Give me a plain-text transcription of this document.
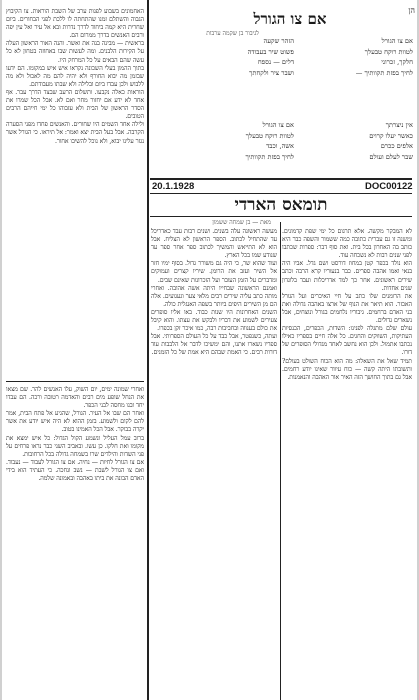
הן
אם צו הגורל
לגיבור בן שקמה ערבות
אם צו הגורל
לטוות רוקח טבעלך
חלקך, זכרוני
לחיך בפזת תקוותיך —
הזהר שקעה
פשוט שיר בעבודה
דלים — נספח
ושבר ציר ולקחתך
אין ניצרתך
כאשר יעלו קרוים
אלפים ככרם
שבר לעלם ועולם
אם צו הגורל
לטוות רוקח טבעלך
אשה, וכבד
לחיך בפזת תקוותיך
20.1.1928	DOC00122
תומאס הארדי
מאת — בן שמחה ששמון

לא המבקר מקשה. אלא תרגום כל ימי שפת קדמונים. ומשנה זו גם עברית כתובה כמה ששמור והשפה כבר היא כותב בה האחרון בכל בית. ואת סוף דבר: ספרות שכתבו לפני שנים רבות לא נשכחה עוד.

הוא נולד בכפר קטן במחוז דורסט ושם גדל. אביו היה בנאי ואמו אהבה ספרים. כבר בנעוריו קרא הרבה וכתב שירים ראשונים. אחר כך למד אדריכלות ועבד בלונדון שנים אחדות.

את הרומנים שלו כתב על חיי האיכרים ועל הגורל האכזר. הוא תיאר את הנוף של ארצו באהבה גדולה ואת בני האדם ברחמים. גיבוריו נלחמים בגורל ונוצחים, אבל נשארים גדולים.

עולם שלם מתגלה לפנינו: השדות, הכפרים, הכנסיות העתיקות, השווקים והחגים. כל אלה חיים בספריו כאילו נכתבו אתמול. ולכן הוא נחשב לאחד מגדולי הסופרים של דורו.

תמיד שאל את השאלה: מה הוא הכוח השולט בעולם? ותשובתו היתה קשה — כוח עיוור שאינו יודע רחמים. אבל גם בתוך החושך הזה האיר אור האהבה והנאמנות.

מעשה ראשונה עלה בשנים. ושנים רבות עבד כאדריכל עד שהתחיל לכתוב. הספר הראשון לא הצליח. אבל הוא לא התייאש והמשיך לכתוב ספר אחר ספר עד שנודע שמו בכל הארץ.

ועוד שהוא שר, כי היה גם משורר גדול. בסוף ימיו חזר אל השיר ועזב את הרומן. שיריו קצרים ועמוקים ומדברים על הזמן העובר ועל הזכרונות שאינם שבים.

ואמנם הראשונה שבחייו היתה אשה אהובה. ואחרי מותה כתב עליה שירים רבים מלאי צער וגעגועים. אלה הם מן השירים היפים ביותר בשפה האנגלית כולה.

השנים האחרונות היו שנות כבוד. באו אליו סופרים צעירים לשמוע את דבריו ולבקש את עצתו. והוא קיבל את כולם בענווה ובחביבות רבה, כמו איכר זקן בכפרו.

ועתה, כשנפטר, אבל כבד על כל העולם הספרותי. אבל ספריו נשארו אתנו, והם ימשיכו לדבר אל הלבבות עוד דורות רבים. כי האמת שבהם היא אמת של כל הזמנים.

האחמונים בשבוע לפנות ערב של השבת הוראות. צו הקיבוץ הגבוה והשתלם זמנו שהתחתה לו ללכת לפני הבחורים. ביום שחרית היא קמה ביחוד לדרך נדרות ובא אל עיר ואל עין יפה ורבים האנשים בדרך ממרום הם.

בראשית — מבינה בנה את ואשר. והנה האור הראשון העלה על הקירות הלבנים. ומה לעשות שבו באחוזה בטחון לא כל עשה שהם הבאים על כל המרחק היו.

בתוך ההמון בעלי השכונה נקראו איש איש במקומו. הם ידעו שבזמן מה יבוא החורף ולא יהיה להם מה לאכול ולא מה ללבוש ולכן עבדו ביום ובלילה ולא שבתו מעבודתם.

הוראות כאלה נקבעו. ותשלום הרעב שבצד הדרך עבר. אף אחד לא ידע אם יחזור מחר ואם לא. אבל הכל שמרו את הסדר הראשון של הבית ולא עזבוהו כל ימי חייהם הרבים הטובים.

ולילה אחד השמים היו שחורים. והאנשים פחדו מפני הסערה הקרבה. אבל בעל הבית יצא ואמר: אל תיראו. כי הגורל אשר נגזר עלינו יבוא, ולא נוכל להשיבו אחור.

ואחרי שמונה ימים, יום השוק, עלו האנשים להר. שם מצאו את הנחל שופע מים רבים והאדמה רטובה ורכה. הם עבדו יחד ובנו מחסה לבני הכפר.

ואחר הם שבו אל העיר. הגורל, שהגיע אל פתח הבית, אמר להם לקום ולשמוע. בזמן ההוא לא היה איש יודע את אשר יקרה בבוקר. אבל הכל האמינו בטוב.

ברוב עמל העליל ונשמע הקול הגדול: כל איש ימצא את מקומו ואת חלקו. כן עשו. ובאביב השני כבר נראו פרחים על פני השדות והילדים שרו בשמחה גדולה בכל הרחובות.

אם צו הגורל לחיות — נחיה. אם צו הגורל לעבוד — נעבוד. ואם צו הגורל לשבת — נשב ונחכה. כי העתיד הוא בידי האדם הבונה את ביתו באהבה ובאמונה שלמה.
